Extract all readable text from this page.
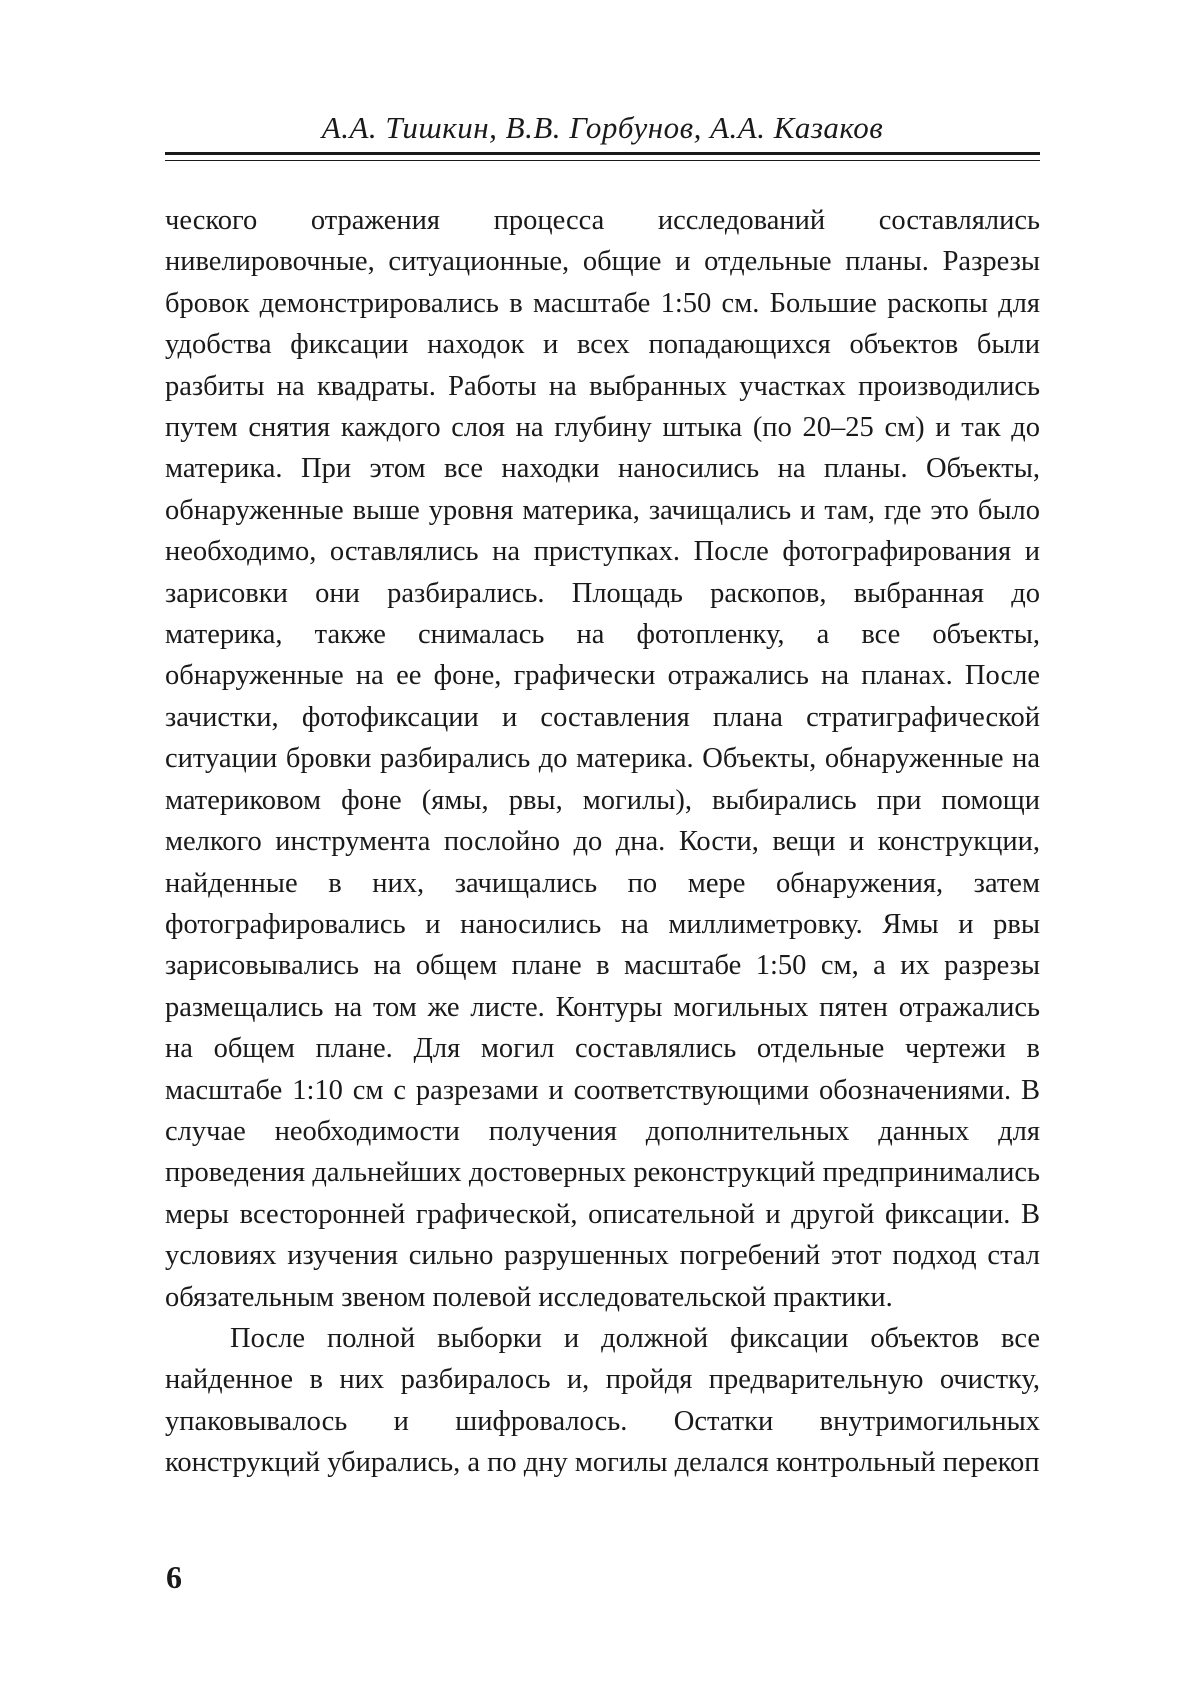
А.А. Тишкин, В.В. Горбунов, А.А. Казаков

ческого отражения процесса исследований составлялись нивелировочные, ситуационные, общие и отдельные планы. Разрезы бровок демонстрировались в масштабе 1:50 см. Большие раскопы для удобства фиксации находок и всех попадающихся объектов были разбиты на квадраты. Работы на выбранных участках производились путем снятия каждого слоя на глубину штыка (по 20–25 см) и так до материка. При этом все находки наносились на планы. Объекты, обнаруженные выше уровня материка, зачищались и там, где это было необходимо, оставлялись на приступках. После фотографирования и зарисовки они разбирались. Площадь раскопов, выбранная до материка, также снималась на фотопленку, а все объекты, обнаруженные на ее фоне, графически отражались на планах. После зачистки, фотофиксации и составления плана стратиграфической ситуации бровки разбирались до материка. Объекты, обнаруженные на материковом фоне (ямы, рвы, могилы), выбирались при помощи мелкого инструмента послойно до дна. Кости, вещи и конструкции, найденные в них, зачищались по мере обнаружения, затем фотографировались и наносились на миллиметровку. Ямы и рвы зарисовывались на общем плане в масштабе 1:50 см, а их разрезы размещались на том же листе. Контуры могильных пятен отражались на общем плане. Для могил составлялись отдельные чертежи в масштабе 1:10 см с разрезами и соответствующими обозначениями. В случае необходимости получения дополнительных данных для проведения дальнейших достоверных реконструкций предпринимались меры всесторонней графической, описательной и другой фиксации. В условиях изучения сильно разрушенных погребений этот подход стал обязательным звеном полевой исследовательской практики.

После полной выборки и должной фиксации объектов все найденное в них разбиралось и, пройдя предварительную очистку, упаковывалось и шифровалось. Остатки внутримогильных конструкций убирались, а по дну могилы делался контрольный перекоп

6
